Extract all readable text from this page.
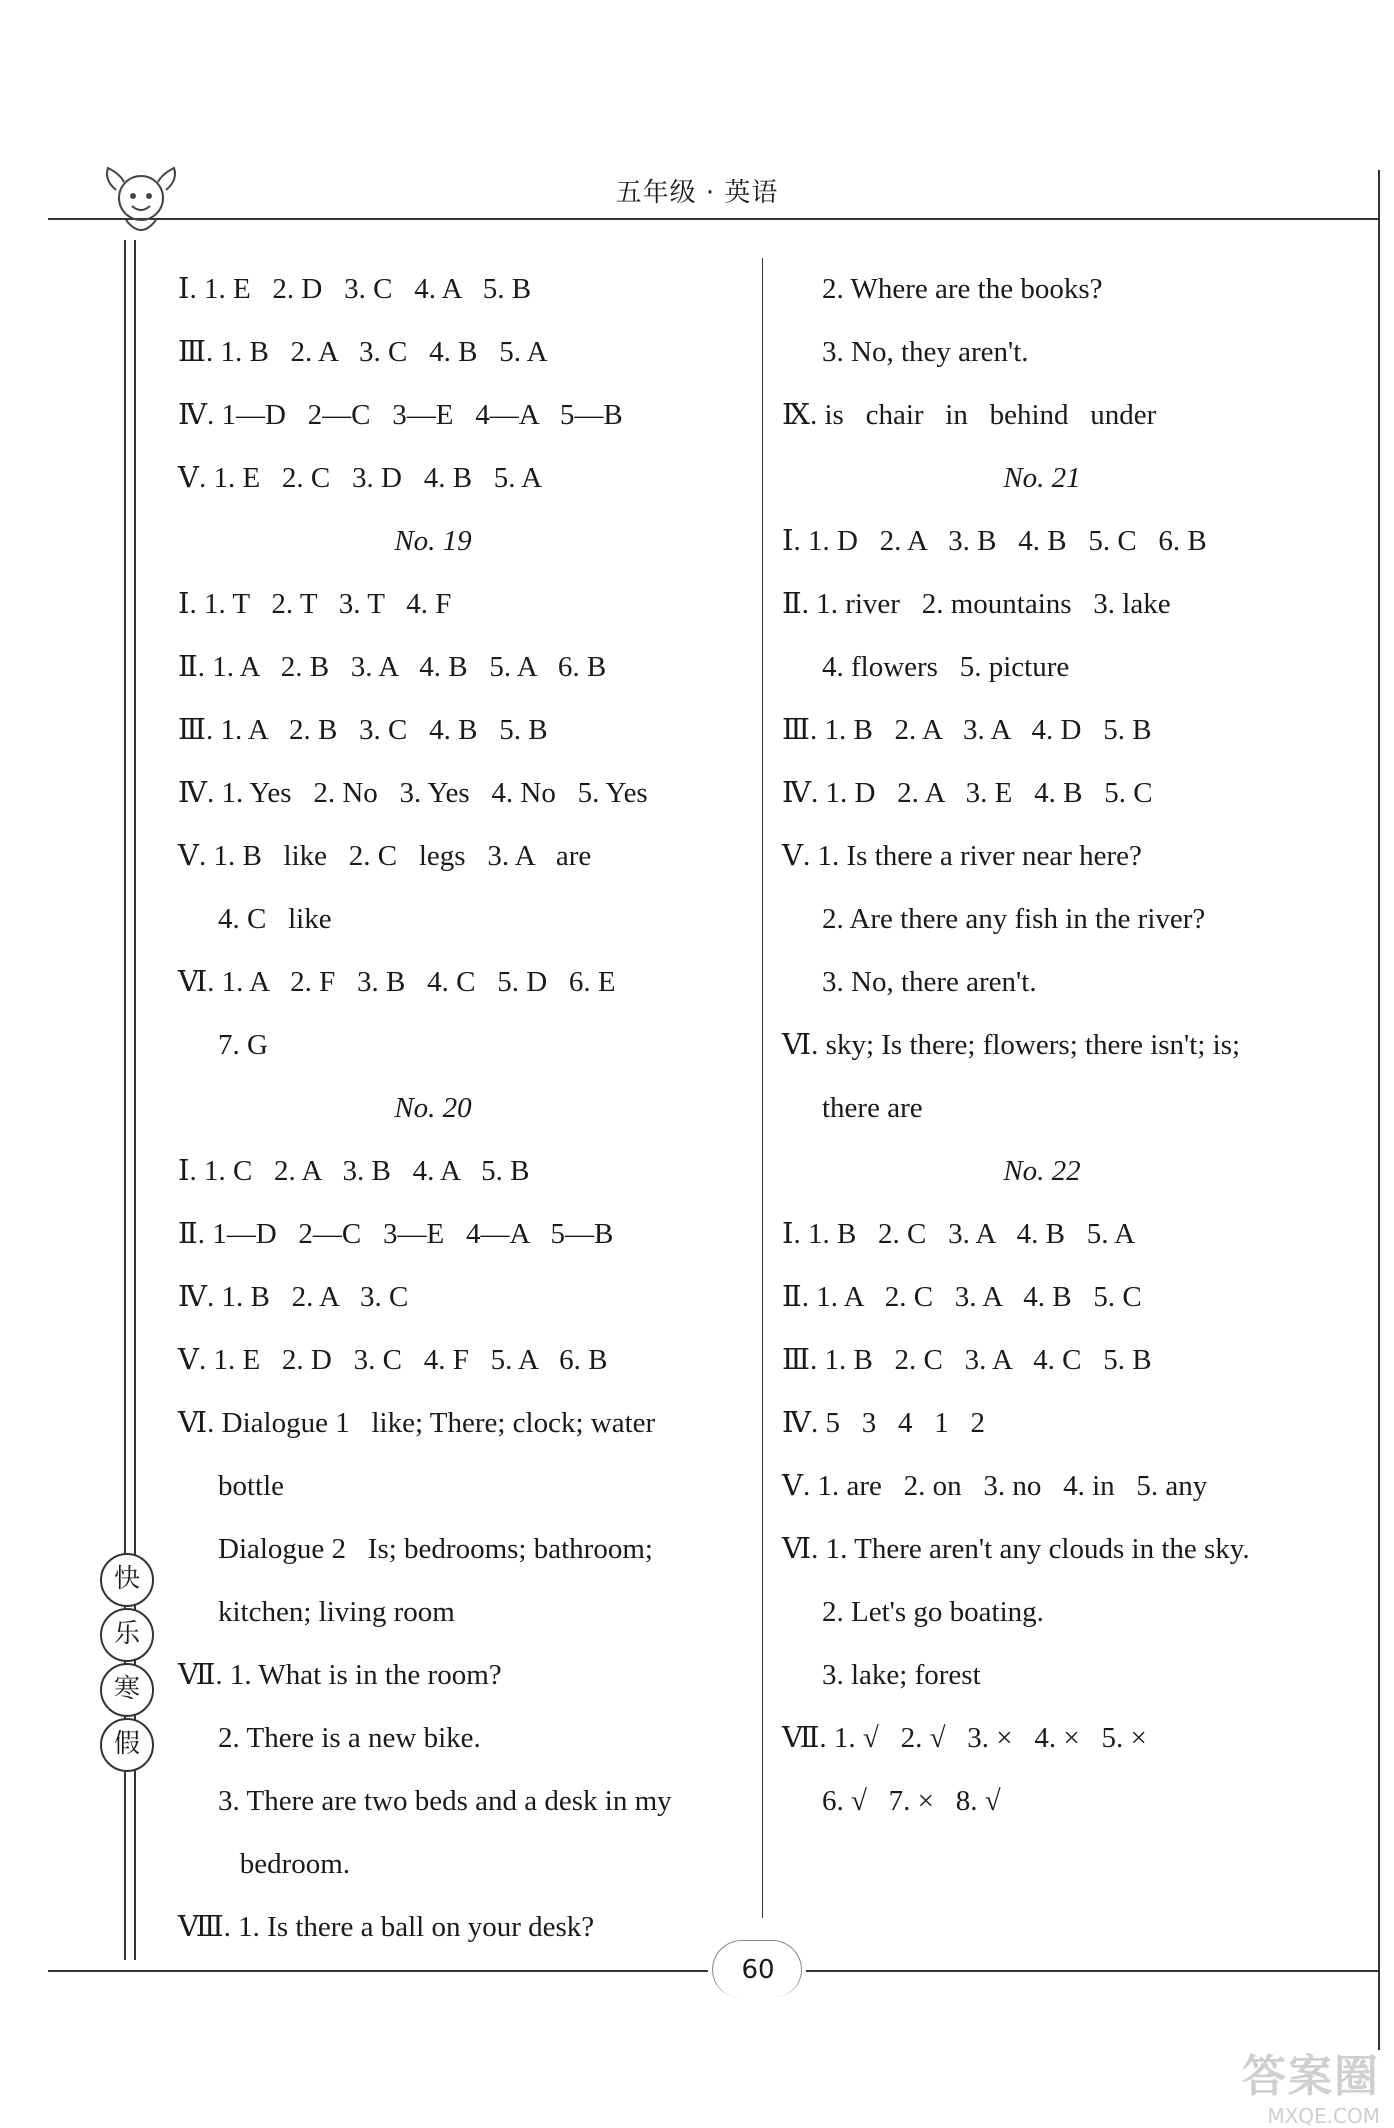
五年级 · 英语
Ⅰ. 1. E   2. D   3. C   4. A   5. B
Ⅲ. 1. B   2. A   3. C   4. B   5. A
Ⅳ. 1—D   2—C   3—E   4—A   5—B
Ⅴ. 1. E   2. C   3. D   4. B   5. A
No. 19
Ⅰ. 1. T   2. T   3. T   4. F
Ⅱ. 1. A   2. B   3. A   4. B   5. A   6. B
Ⅲ. 1. A   2. B   3. C   4. B   5. B
Ⅳ. 1. Yes   2. No   3. Yes   4. No   5. Yes
Ⅴ. 1. B   like   2. C   legs   3. A   are
4. C   like
Ⅵ. 1. A   2. F   3. B   4. C   5. D   6. E
7. G
No. 20
Ⅰ. 1. C   2. A   3. B   4. A   5. B
Ⅱ. 1—D   2—C   3—E   4—A   5—B
Ⅳ. 1. B   2. A   3. C
Ⅴ. 1. E   2. D   3. C   4. F   5. A   6. B
Ⅵ. Dialogue 1   like; There; clock; water
bottle
Dialogue 2   Is; bedrooms; bathroom;
kitchen; living room
Ⅶ. 1. What is in the room?
2. There is a new bike.
3. There are two beds and a desk in my
bedroom.
Ⅷ. 1. Is there a ball on your desk?
2. Where are the books?
3. No, they aren't.
Ⅸ. is   chair   in   behind   under
No. 21
Ⅰ. 1. D   2. A   3. B   4. B   5. C   6. B
Ⅱ. 1. river   2. mountains   3. lake
4. flowers   5. picture
Ⅲ. 1. B   2. A   3. A   4. D   5. B
Ⅳ. 1. D   2. A   3. E   4. B   5. C
Ⅴ. 1. Is there a river near here?
2. Are there any fish in the river?
3. No, there aren't.
Ⅵ. sky; Is there; flowers; there isn't; is;
there are
No. 22
Ⅰ. 1. B   2. C   3. A   4. B   5. A
Ⅱ. 1. A   2. C   3. A   4. B   5. C
Ⅲ. 1. B   2. C   3. A   4. C   5. B
Ⅳ. 5   3   4   1   2
Ⅴ. 1. are   2. on   3. no   4. in   5. any
Ⅵ. 1. There aren't any clouds in the sky.
2. Let's go boating.
3. lake; forest
Ⅶ. 1. √   2. √   3. ×   4. ×   5. ×
6. √   7. ×   8. √
快
乐
寒
假
60
答案圈
MXQE.COM
